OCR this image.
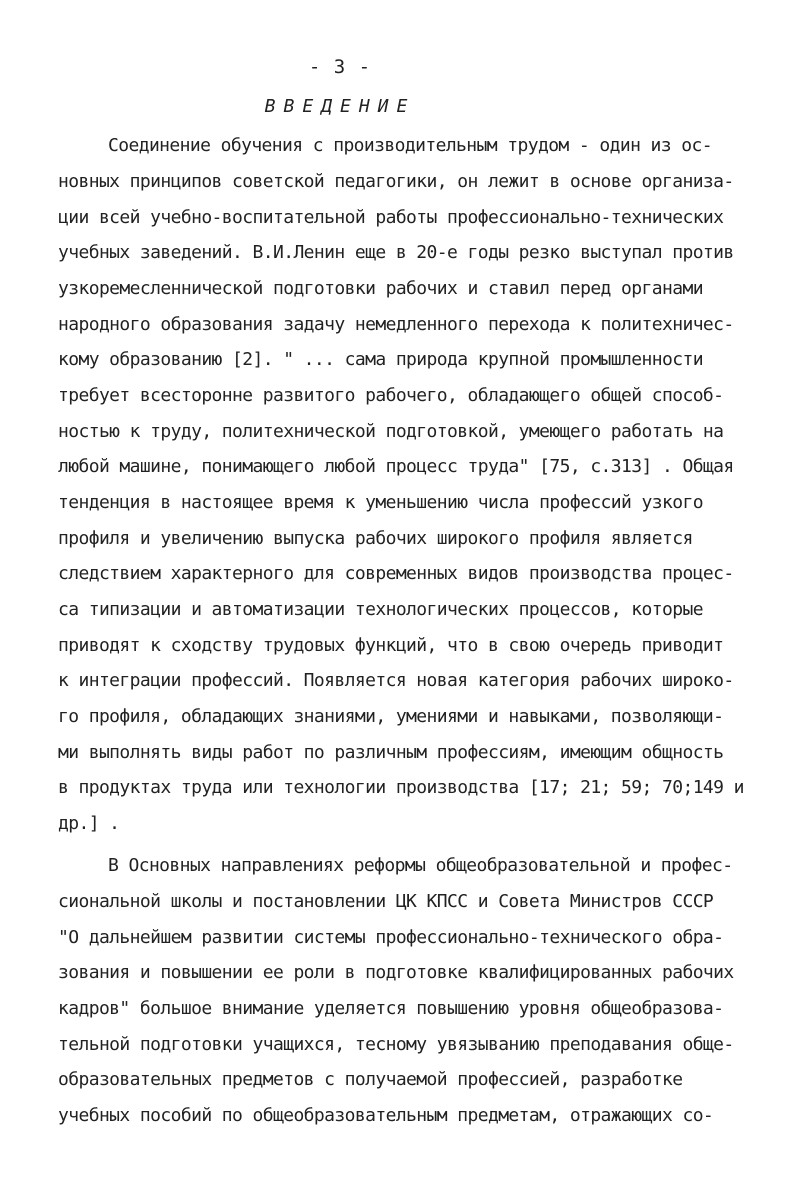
- 3 -
ВВЕДЕНИЕ
Соединение обучения с производительным трудом - один из ос-
новных принципов советской педагогики, он лежит в основе организа-
ции всей учебно-воспитательной работы профессионально-технических
учебных заведений. В.И.Ленин еще в 20-е годы резко выступал против
узкоремесленнической подготовки рабочих и ставил перед органами
народного образования задачу немедленного перехода к политехничес-
кому образованию [2]. " ... сама природа крупной промышленности
требует всесторонне развитого рабочего, обладающего общей способ-
ностью к труду, политехнической подготовкой, умеющего работать на
любой машине, понимающего любой процесс труда" [75, с.313] . Общая
тенденция в настоящее время к уменьшению числа профессий узкого
профиля и увеличению выпуска рабочих широкого профиля является
следствием характерного для современных видов производства процес-
са типизации и автоматизации технологических процессов, которые
приводят к сходству трудовых функций, что в свою очередь приводит
к интеграции профессий. Появляется новая категория рабочих широко-
го профиля, обладающих знаниями, умениями и навыками, позволяющи-
ми выполнять виды работ по различным профессиям, имеющим общность
в продуктах труда или технологии производства [17; 21; 59; 70;149 и
др.] .
В Основных направлениях реформы общеобразовательной и профес-
сиональной школы и постановлении ЦК КПСС и Совета Министров СССР
"О дальнейшем развитии системы профессионально-технического обра-
зования и повышении ее роли в подготовке квалифицированных рабочих
кадров" большое внимание уделяется повышению уровня общеобразова-
тельной подготовки учащихся, тесному увязыванию преподавания обще-
образовательных предметов с получаемой профессией, разработке
учебных пособий по общеобразовательным предметам, отражающих со-
